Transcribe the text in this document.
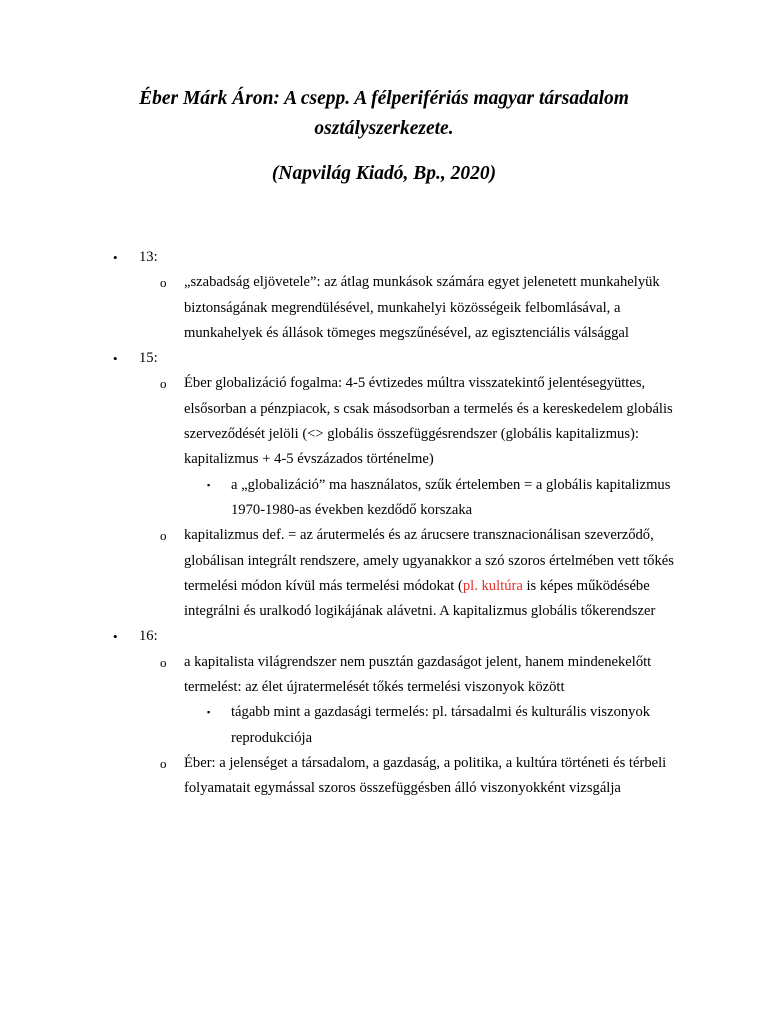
Éber Márk Áron: A csepp. A félperifériás magyar társadalom
osztályszerkezete.
(Napvilág Kiadó, Bp., 2020)
• 13:
o „szabadság eljövetele”: az átlag munkások számára egyet jelenetett munkahelyük biztonságának megrendülésével, munkahelyi közösségeik felbomlásával, a munkahelyek és állások tömeges megszűnésével, az egisztenciális válsággal
• 15:
o Éber globalizáció fogalma: 4-5 évtizedes múltra visszatekintő jelentésegyüttes, elsősorban a pénzpiacok, s csak másodsorban a termelés és a kereskedelem globális szerveződését jelöli (<> globális összefüggésrendszer (globális kapitalizmus): kapitalizmus + 4-5 évszázados történelme)
▪ a „globalizáció” ma használatos, szűk értelemben = a globális kapitalizmus 1970-1980-as években kezdődő korszaka
o kapitalizmus def. = az árutermelés és az árucsere transznacionálisan szeverződő, globálisan integrált rendszere, amely ugyanakkor a szó szoros értelmében vett tőkés termelési módon kívül más termelési módokat (pl. kultúra is képes működésébe integrálni és uralkodó logikájának alávetni. A kapitalizmus globális tőkerendszer
• 16:
o a kapitalista világrendszer nem pusztán gazdaságot jelent, hanem mindenekelőtt termelést: az élet újratermelését tőkés termelési viszonyok között
▪ tágabb mint a gazdasági termelés: pl. társadalmi és kulturális viszonyok reprodukciója
o Éber: a jelenséget a társadalom, a gazdaság, a politika, a kultúra történeti és térbeli folyamatait egymással szoros összefüggésben álló viszonyokként vizsgálja
